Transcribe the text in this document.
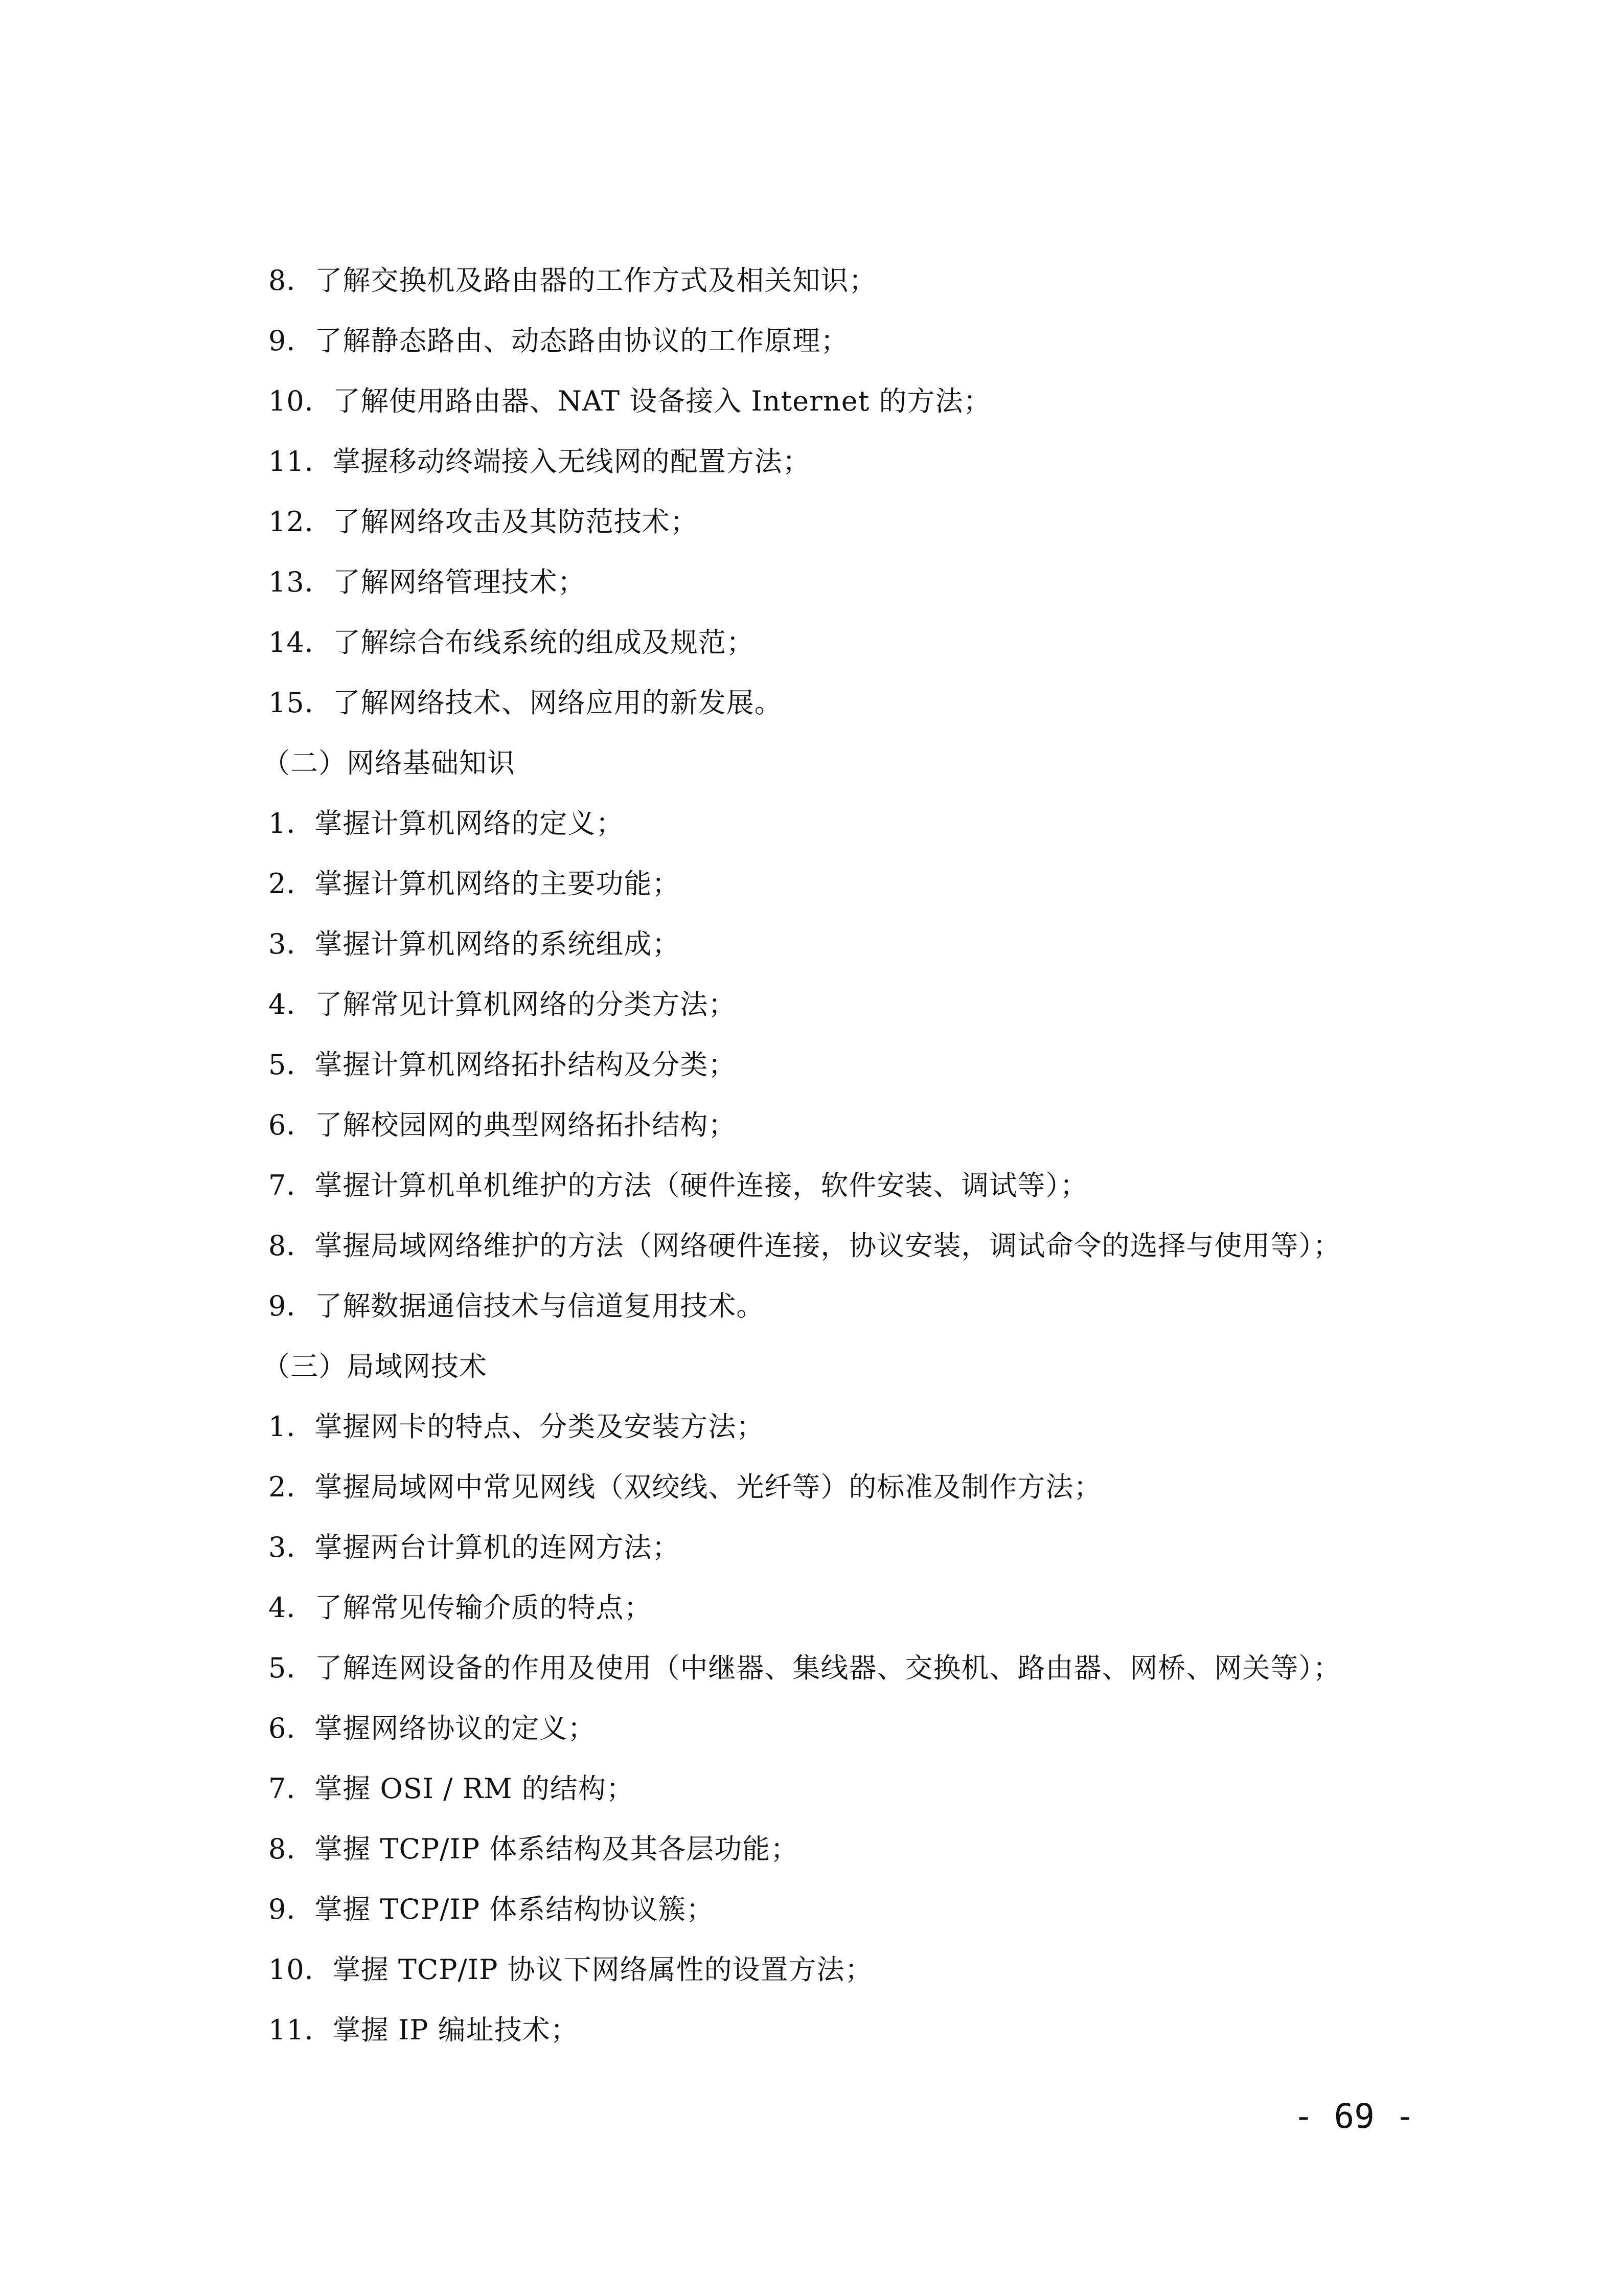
8．了解交换机及路由器的工作方式及相关知识；
9．了解静态路由、动态路由协议的工作原理；
10．了解使用路由器、NAT 设备接入 Internet 的方法；
11．掌握移动终端接入无线网的配置方法；
12．了解网络攻击及其防范技术；
13．了解网络管理技术；
14．了解综合布线系统的组成及规范；
15．了解网络技术、网络应用的新发展。
（二）网络基础知识
1．掌握计算机网络的定义；
2．掌握计算机网络的主要功能；
3．掌握计算机网络的系统组成；
4．了解常见计算机网络的分类方法；
5．掌握计算机网络拓扑结构及分类；
6．了解校园网的典型网络拓扑结构；
7．掌握计算机单机维护的方法（硬件连接，软件安装、调试等）；
8．掌握局域网络维护的方法（网络硬件连接，协议安装，调试命令的选择与使用等）；
9．了解数据通信技术与信道复用技术。
（三）局域网技术
1．掌握网卡的特点、分类及安装方法；
2．掌握局域网中常见网线（双绞线、光纤等）的标准及制作方法；
3．掌握两台计算机的连网方法；
4．了解常见传输介质的特点；
5．了解连网设备的作用及使用（中继器、集线器、交换机、路由器、网桥、网关等）；
6．掌握网络协议的定义；
7．掌握 OSI / RM 的结构；
8．掌握 TCP/IP 体系结构及其各层功能；
9．掌握 TCP/IP 体系结构协议簇；
10．掌握 TCP/IP 协议下网络属性的设置方法；
11．掌握 IP 编址技术；
- 69 -
